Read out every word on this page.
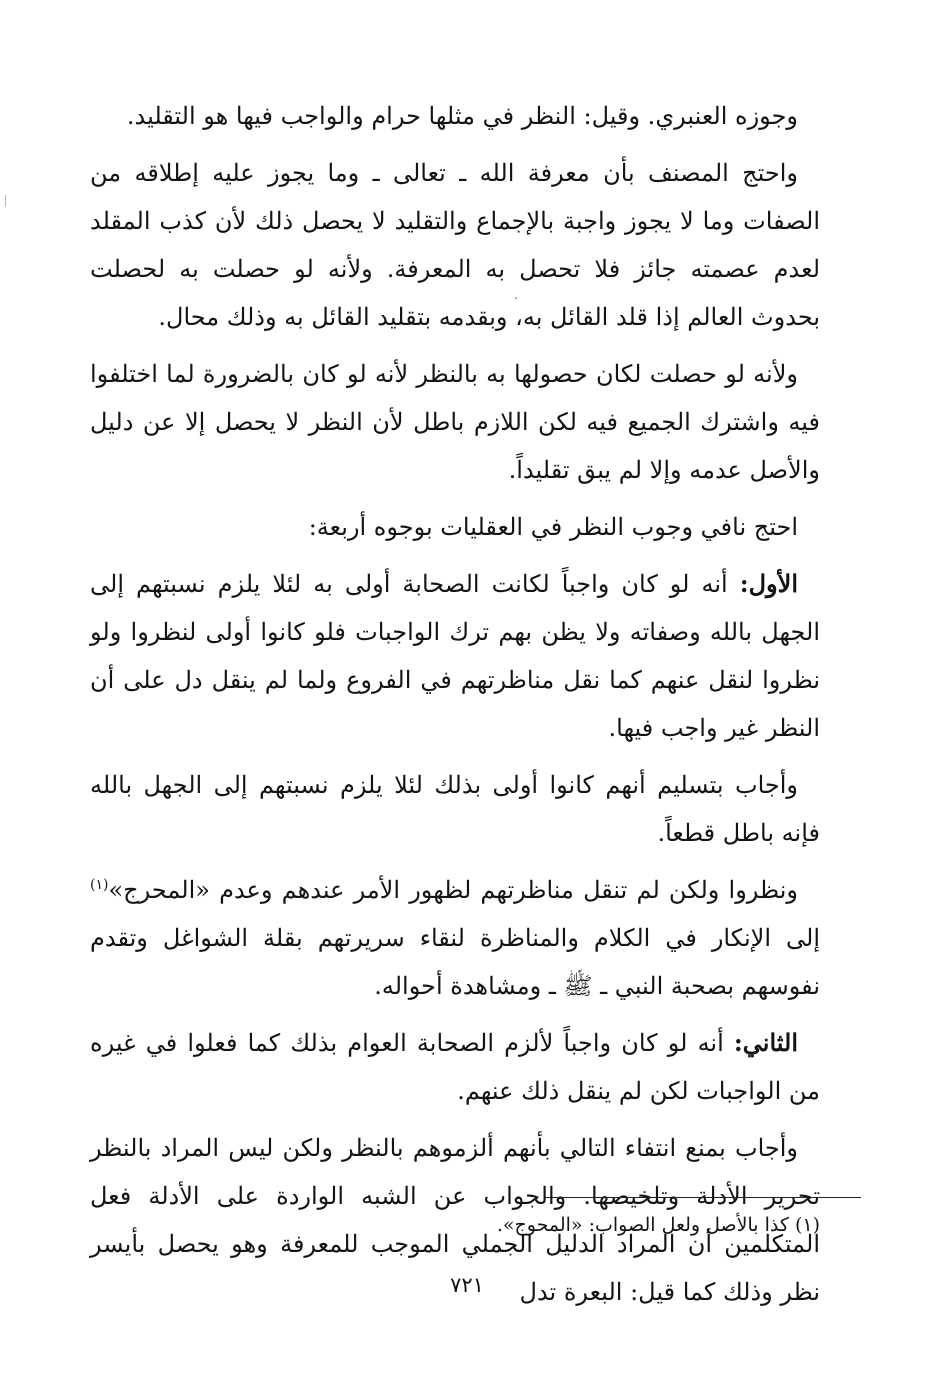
وجوزه العنبري. وقيل: النظر في مثلها حرام والواجب فيها هو التقليد.

واحتج المصنف بأن معرفة الله ـ تعالى ـ وما يجوز عليه إطلاقه من الصفات وما لا يجوز واجبة بالإجماع والتقليد لا يحصل ذلك لأن كذب المقلد لعدم عصمته جائز فلا تحصل به المعرفة. ولأنه لو حصلت به لحصلت بحدوث العالم إذا قلد القائل به، وبقدمه بتقليد القائل به وذلك محال.

ولأنه لو حصلت لكان حصولها به بالنظر لأنه لو كان بالضرورة لما اختلفوا فيه واشترك الجميع فيه لكن اللازم باطل لأن النظر لا يحصل إلا عن دليل والأصل عدمه وإلا لم يبق تقليداً.

احتج نافي وجوب النظر في العقليات بوجوه أربعة:

الأول: أنه لو كان واجباً لكانت الصحابة أولى به لئلا يلزم نسبتهم إلى الجهل بالله وصفاته ولا يظن بهم ترك الواجبات فلو كانوا أولى لنظروا ولو نظروا لنقل عنهم كما نقل مناظرتهم في الفروع ولما لم ينقل دل على أن النظر غير واجب فيها.

وأجاب بتسليم أنهم كانوا أولى بذلك لئلا يلزم نسبتهم إلى الجهل بالله فإنه باطل قطعاً.

ونظروا ولكن لم تنقل مناظرتهم لظهور الأمر عندهم وعدم «المحرج»$^{(١)}$ إلى الإنكار في الكلام والمناظرة لنقاء سريرتهم بقلة الشواغل وتقدم نفوسهم بصحبة النبي ـ ﷺ ـ ومشاهدة أحواله.

الثاني: أنه لو كان واجباً لألزم الصحابة العوام بذلك كما فعلوا في غيره من الواجبات لكن لم ينقل ذلك عنهم.

وأجاب بمنع انتفاء التالي بأنهم ألزموهم بالنظر ولكن ليس المراد بالنظر تحرير الأدلة وتلخيصها. والجواب عن الشبه الواردة على الأدلة فعل المتكلمين أن المراد الدليل الجملي الموجب للمعرفة وهو يحصل بأيسر نظر وذلك كما قيل: البعرة تدل

(١) كذا بالأصل ولعل الصواب: «المحوج».
٧٢١
